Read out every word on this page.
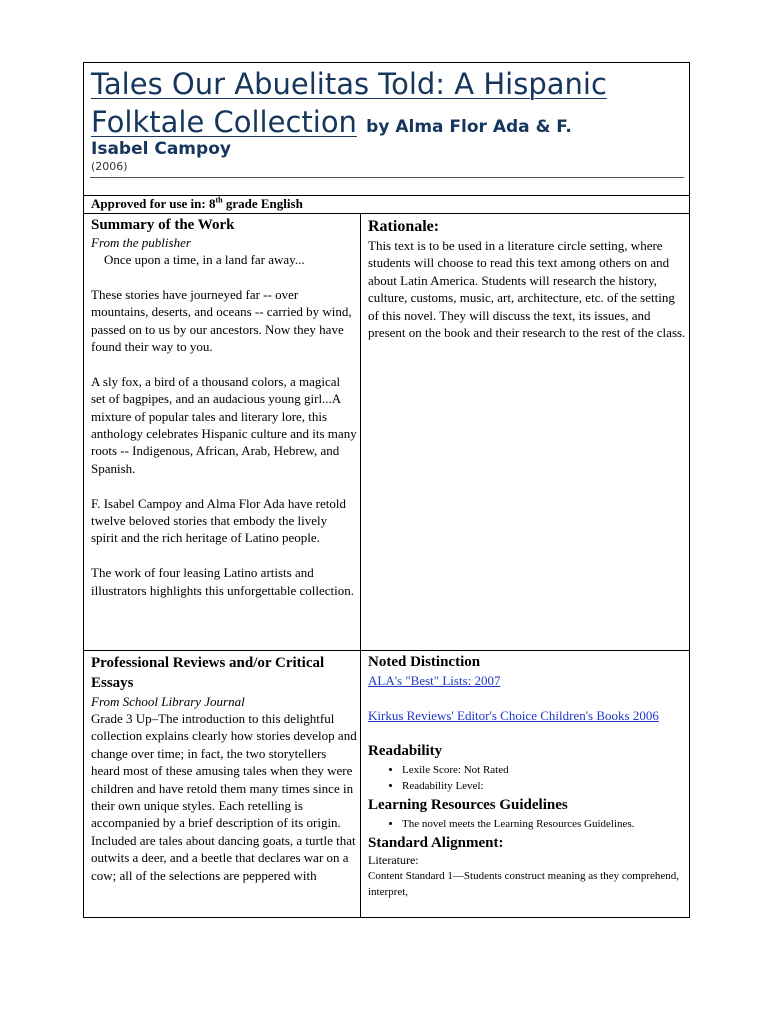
Tales Our Abuelitas Told: A Hispanic Folktale Collection by Alma Flor Ada & F.
Isabel Campoy
(2006)
Approved for use in: 8th grade English
Summary of the Work
From the publisher

Once upon a time, in a land far away...

These stories have journeyed far -- over mountains, deserts, and oceans -- carried by wind, passed on to us by our ancestors. Now they have found their way to you.

A sly fox, a bird of a thousand colors, a magical set of bagpipes, and an audacious young girl...A mixture of popular tales and literary lore, this anthology celebrates Hispanic culture and its many roots -- Indigenous, African, Arab, Hebrew, and Spanish.

F. Isabel Campoy and Alma Flor Ada have retold twelve beloved stories that embody the lively spirit and the rich heritage of Latino people.

The work of four leasing Latino artists and illustrators highlights this unforgettable collection.

Rationale:
This text is to be used in a literature circle setting, where students will choose to read this text among others on and about Latin America. Students will research the history, culture, customs, music, art, architecture, etc. of the setting of this novel. They will discuss the text, its issues, and present on the book and their research to the rest of the class.
Professional Reviews and/or Critical Essays
From School Library Journal
Grade 3 Up–The introduction to this delightful collection explains clearly how stories develop and change over time; in fact, the two storytellers heard most of these amusing tales when they were children and have retold them many times since in their own unique styles. Each retelling is accompanied by a brief description of its origin. Included are tales about dancing goats, a turtle that outwits a deer, and a beetle that declares war on a cow; all of the selections are peppered with
Noted Distinction
ALA's "Best" Lists: 2007
Kirkus Reviews' Editor's Choice Children's Books 2006
Readability
• Lexile Score: Not Rated
• Readability Level:
Learning Resources Guidelines
• The novel meets the Learning Resources Guidelines.
Standard Alignment:
Literature:
Content Standard 1—Students construct meaning as they comprehend, interpret,
